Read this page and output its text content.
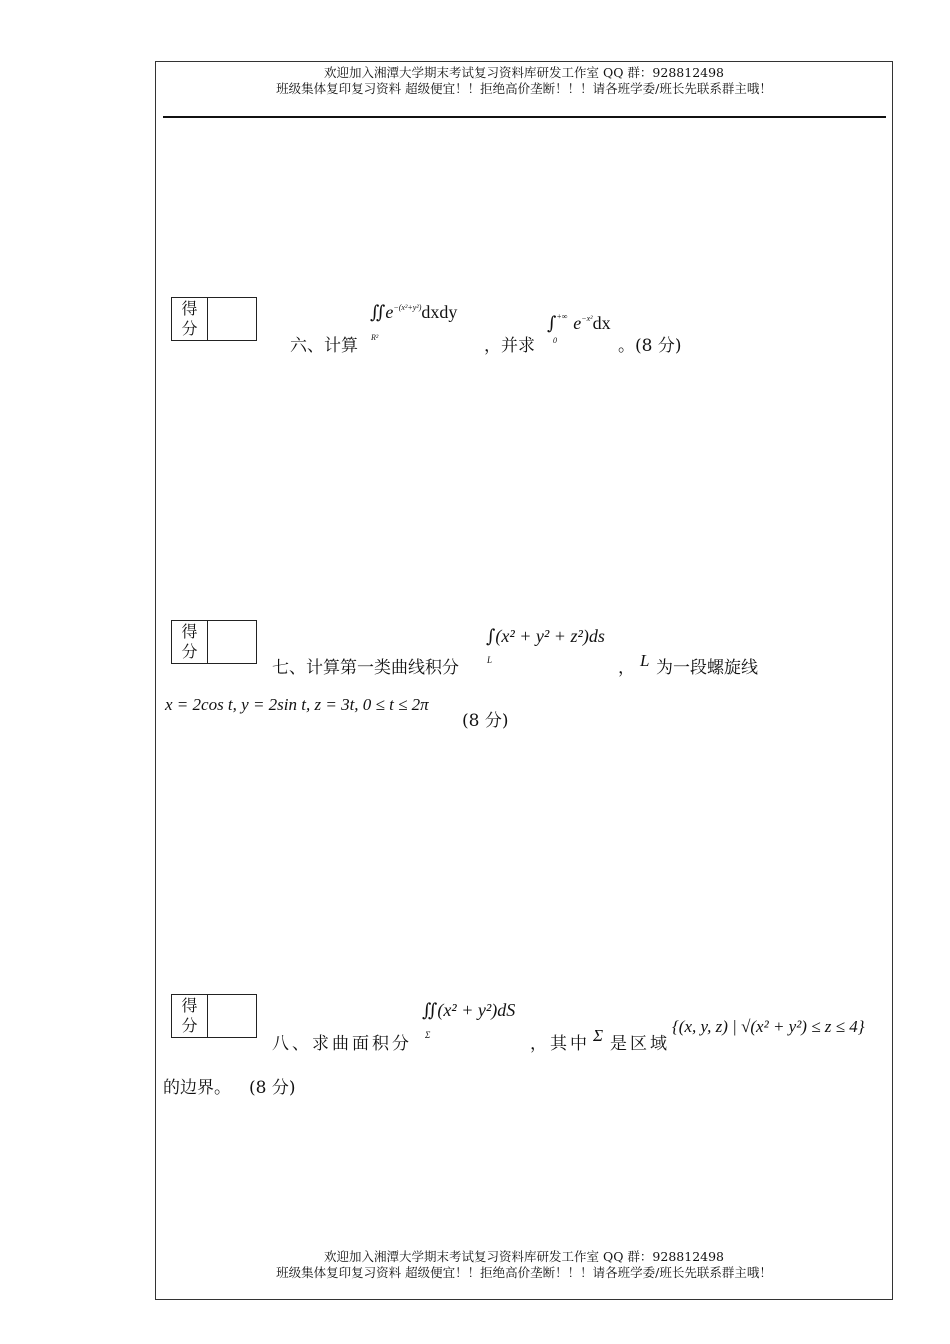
欢迎加入湘潭大学期末考试复习资料库研发工作室 QQ 群：928812498
班级集体复印复习资料 超级便宜！！拒绝高价垄断！！！请各班学委/班长先联系群主哦！
得
分
六、计算
$∬e^{-(x^2+y^2)}dxdy$
R²	，并求
∫+∞ $e^{-x^2}dx$
0	。(8 分)
得
分
七、计算第一类曲线积分
∫(x² + y² + z²)ds
L	， L 为一段螺旋线
x = 2cos t, y = 2sin t, z = 3t, 0 ≤ t ≤ 2π
(8 分)
得
分
八、求曲面积分
∬(x² + y²)dS
Σ	，其中 Σ 是区域
{(x, y, z) | √(x² + y²) ≤ z ≤ 4}
的边界。 (8 分)
欢迎加入湘潭大学期末考试复习资料库研发工作室 QQ 群：928812498
班级集体复印复习资料 超级便宜！！拒绝高价垄断！！！请各班学委/班长先联系群主哦！
